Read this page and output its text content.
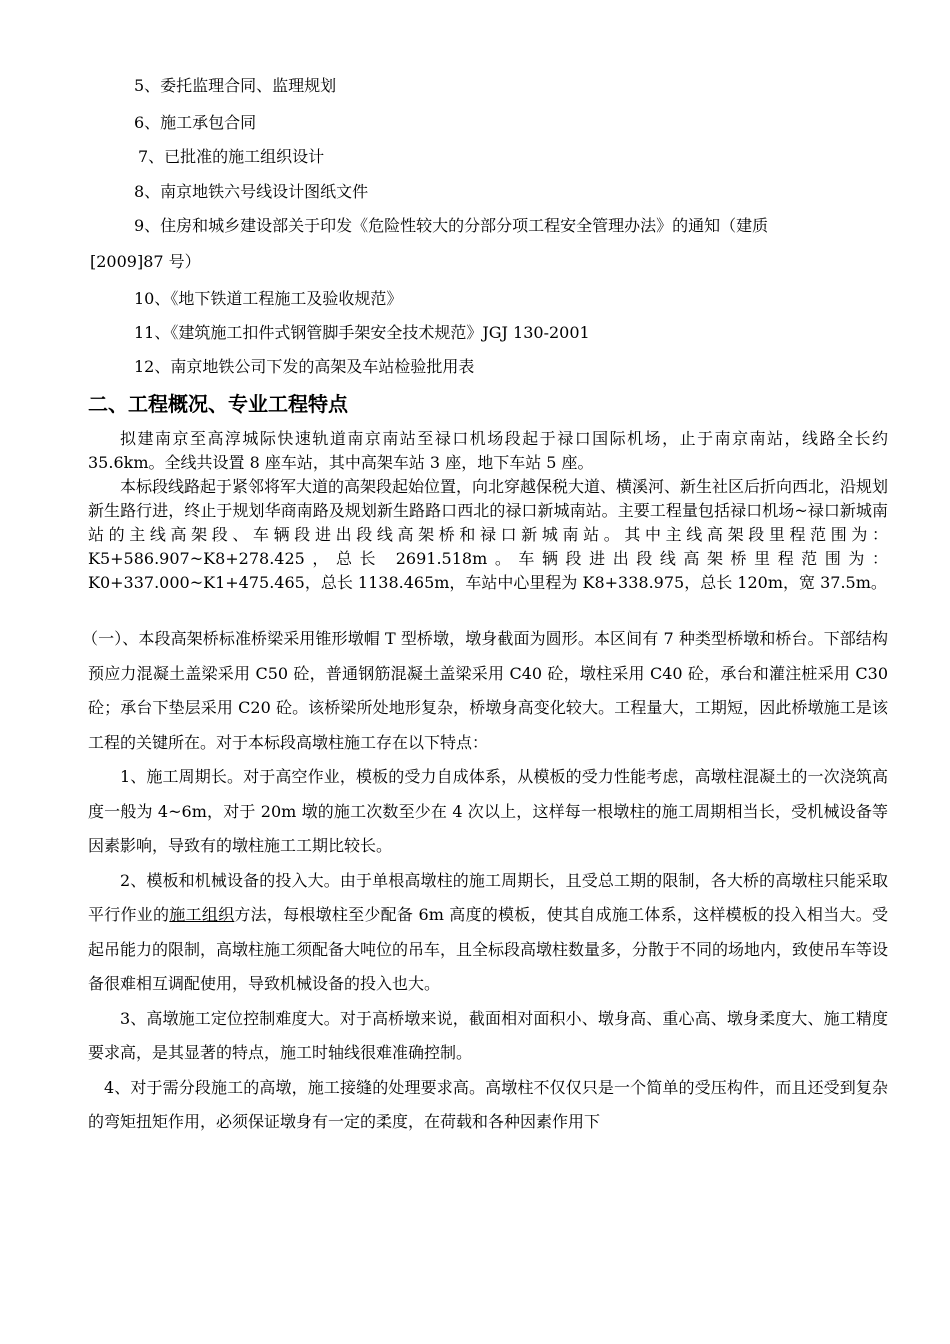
5、委托监理合同、监理规划
6、施工承包合同
7、已批准的施工组织设计
8、南京地铁六号线设计图纸文件
9、住房和城乡建设部关于印发《危险性较大的分部分项工程安全管理办法》的通知（建质
[2009]87 号）
10、《地下铁道工程施工及验收规范》
11、《建筑施工扣件式钢管脚手架安全技术规范》JGJ 130-2001
12、南京地铁公司下发的高架及车站检验批用表
二、工程概况、专业工程特点

拟建南京至高淳城际快速轨道南京南站至禄口机场段起于禄口国际机场，止于南京南站，线路全长约 35.6km。全线共设置 8 座车站，其中高架车站 3 座，地下车站 5 座。

本标段线路起于紧邻将军大道的高架段起始位置，向北穿越保税大道、横溪河、新生社区后折向西北，沿规划新生路行进，终止于规划华商南路及规划新生路路口西北的禄口新城南站。主要工程量包括禄口机场~禄口新城南站的主线高架段、车辆段进出段线高架桥和禄口新城南站。其中主线高架段里程范围为：K5+586.907~K8+278.425，总长 2691.518m。车辆段进出段线高架桥里程范围为：K0+337.000~K1+475.465，总长 1138.465m，车站中心里程为 K8+338.975，总长 120m，宽 37.5m。

（一）、本段高架桥标准桥梁采用锥形墩帽 T 型桥墩，墩身截面为圆形。本区间有 7 种类型桥墩和桥台。下部结构预应力混凝土盖梁采用 C50 砼，普通钢筋混凝土盖梁采用 C40 砼，墩柱采用 C40 砼，承台和灌注桩采用 C30 砼；承台下垫层采用 C20 砼。该桥梁所处地形复杂，桥墩身高变化较大。工程量大，工期短，因此桥墩施工是该工程的关键所在。对于本标段高墩柱施工存在以下特点：

1、施工周期长。对于高空作业，模板的受力自成体系，从模板的受力性能考虑，高墩柱混凝土的一次浇筑高度一般为 4~6m，对于 20m 墩的施工次数至少在 4 次以上，这样每一根墩柱的施工周期相当长，受机械设备等因素影响，导致有的墩柱施工工期比较长。

2、模板和机械设备的投入大。由于单根高墩柱的施工周期长，且受总工期的限制，各大桥的高墩柱只能采取平行作业的施工组织方法，每根墩柱至少配备 6m 高度的模板，使其自成施工体系，这样模板的投入相当大。受起吊能力的限制，高墩柱施工须配备大吨位的吊车，且全标段高墩柱数量多，分散于不同的场地内，致使吊车等设备很难相互调配使用，导致机械设备的投入也大。

3、高墩施工定位控制难度大。对于高桥墩来说，截面相对面积小、墩身高、重心高、墩身柔度大、施工精度要求高，是其显著的特点，施工时轴线很难准确控制。

4、对于需分段施工的高墩，施工接缝的处理要求高。高墩柱不仅仅只是一个简单的受压构件，而且还受到复杂的弯矩扭矩作用，必须保证墩身有一定的柔度，在荷载和各种因素作用下
